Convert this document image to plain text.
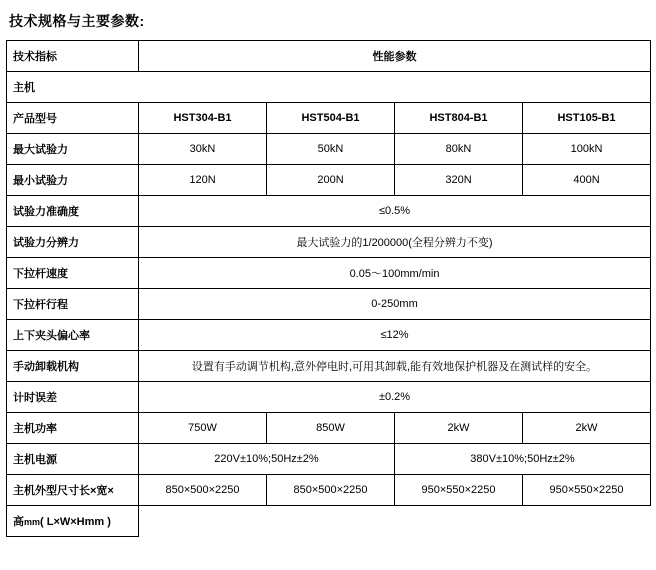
技术规格与主要参数:
技术指标	性能参数			
主机				
产品型号	HST304-B1	HST504-B1	HST804-B1	HST105-B1
最大试验力	30kN	50kN	80kN	100kN
最小试验力	120N	200N	320N	400N
试验力准确度	≤0.5%			
试验力分辨力	最大试验力的1/200000(全程分辨力不变)			
下拉杆速度	0.05～100mm/min			
下拉杆行程	0-250mm			
上下夹头偏心率	≤12%			
手动卸载机构	设置有手动调节机构,意外停电时,可用其卸载,能有效地保护机器及在测试样的安全。			
计时误差	±0.2%			
主机功率	750W	850W	2kW	2kW
主机电源	220V±10%;50Hz±2%		380V±10%;50Hz±2%	
主机外型尺寸长×宽×	850×500×2250	850×500×2250	950×550×2250	950×550×2250
高mm( L×W×Hmm )				
